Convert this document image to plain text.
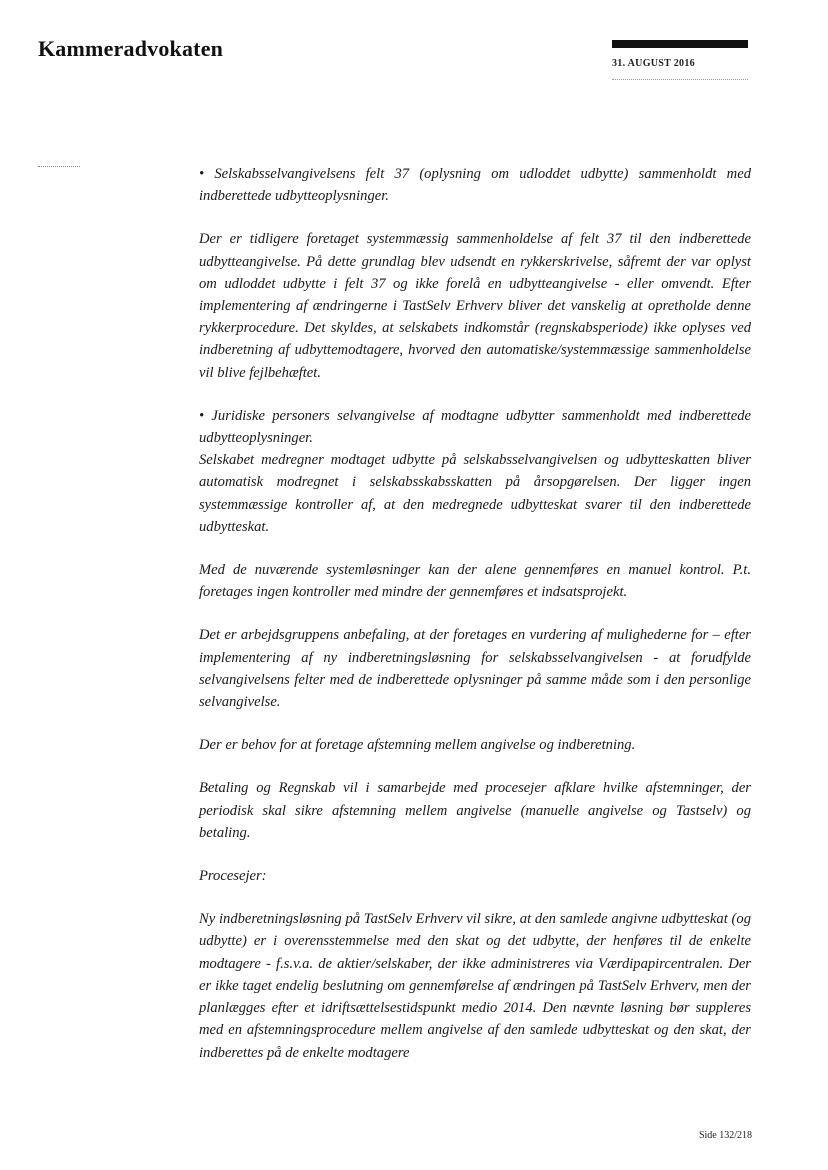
Kammeradvokaten
31. AUGUST 2016

• Selskabsselvangivelsens felt 37 (oplysning om udloddet udbytte) sammenholdt med indberettede udbytteoplysninger.

Der er tidligere foretaget systemmæssig sammenholdelse af felt 37 til den indberettede udbytteangivelse. På dette grundlag blev udsendt en rykkerskrivelse, såfremt der var oplyst om udloddet udbytte i felt 37 og ikke forelå en udbytteangivelse - eller omvendt. Efter implementering af ændringerne i TastSelv Erhverv bliver det vanskelig at opretholde denne rykkerprocedure. Det skyldes, at selskabets indkomstår (regnskabsperiode) ikke oplyses ved indberetning af udbyttemodtagere, hvorved den automatiske/systemmæssige sammenholdelse vil blive fejlbehæftet.

• Juridiske personers selvangivelse af modtagne udbytter sammenholdt med indberettede udbytteoplysninger.

Selskabet medregner modtaget udbytte på selskabsselvangivelsen og udbytteskatten bliver automatisk modregnet i selskabsskabsskatten på årsopgørelsen. Der ligger ingen systemmæssige kontroller af, at den medregnede udbytteskat svarer til den indberettede udbytteskat.

Med de nuværende systemløsninger kan der alene gennemføres en manuel kontrol. P.t. foretages ingen kontroller med mindre der gennemføres et indsatsprojekt.

Det er arbejdsgruppens anbefaling, at der foretages en vurdering af mulighederne for – efter implementering af ny indberetningsløsning for selskabsselvangivelsen - at forudfylde selvangivelsens felter med de indberettede oplysninger på samme måde som i den personlige selvangivelse.

Der er behov for at foretage afstemning mellem angivelse og indberetning.

Betaling og Regnskab vil i samarbejde med procesejer afklare hvilke afstemninger, der periodisk skal sikre afstemning mellem angivelse (manuelle angivelse og Tastselv) og betaling.

Procesejer:

Ny indberetningsløsning på TastSelv Erhverv vil sikre, at den samlede angivne udbytteskat (og udbytte) er i overensstemmelse med den skat og det udbytte, der henføres til de enkelte modtagere - f.s.v.a. de aktier/selskaber, der ikke administreres via Værdipapircentralen. Der er ikke taget endelig beslutning om gennemførelse af ændringen på TastSelv Erhverv, men der planlægges efter et idriftsættelsestidspunkt medio 2014. Den nævnte løsning bør suppleres med en afstemningsprocedure mellem angivelse af den samlede udbytteskat og den skat, der indberettes på de enkelte modtagere

Side 132/218
